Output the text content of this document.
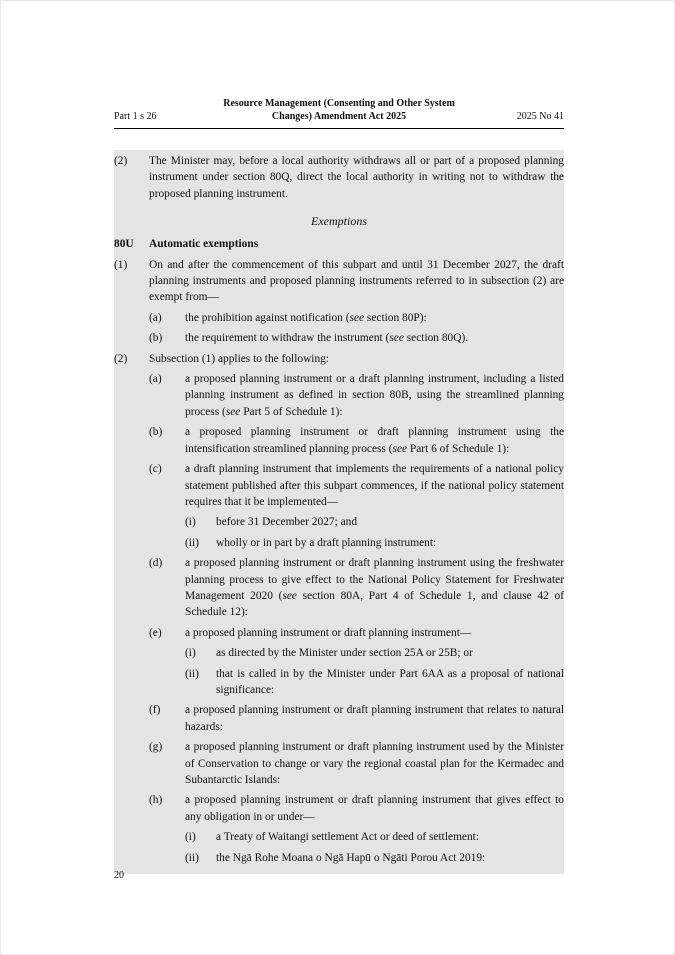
Part 1 s 26
Resource Management (Consenting and Other System
Changes) Amendment Act 2025	2025 No 41
(2)	The Minister may, before a local authority withdraws all or part of a proposed planning instrument under section 80Q, direct the local authority in writing not to withdraw the proposed planning instrument.
Exemptions
80U	Automatic exemptions
(1)	On and after the commencement of this subpart and until 31 December 2027, the draft planning instruments and proposed planning instruments referred to in subsection (2) are exempt from—
(a)	the prohibition against notification (see section 80P):
(b)	the requirement to withdraw the instrument (see section 80Q).
(2)	Subsection (1) applies to the following:
(a)	a proposed planning instrument or a draft planning instrument, including a listed planning instrument as defined in section 80B, using the streamlined planning process (see Part 5 of Schedule 1):
(b)	a proposed planning instrument or draft planning instrument using the intensification streamlined planning process (see Part 6 of Schedule 1):
(c)	a draft planning instrument that implements the requirements of a national policy statement published after this subpart commences, if the national policy statement requires that it be implemented—
(i)	before 31 December 2027; and
(ii)	wholly or in part by a draft planning instrument:
(d)	a proposed planning instrument or draft planning instrument using the freshwater planning process to give effect to the National Policy Statement for Freshwater Management 2020 (see section 80A, Part 4 of Schedule 1, and clause 42 of Schedule 12):
(e)	a proposed planning instrument or draft planning instrument—
(i)	as directed by the Minister under section 25A or 25B; or
(ii)	that is called in by the Minister under Part 6AA as a proposal of national significance:
(f)	a proposed planning instrument or draft planning instrument that relates to natural hazards:
(g)	a proposed planning instrument or draft planning instrument used by the Minister of Conservation to change or vary the regional coastal plan for the Kermadec and Subantarctic Islands:
(h)	a proposed planning instrument or draft planning instrument that gives effect to any obligation in or under—
(i)	a Treaty of Waitangi settlement Act or deed of settlement:
(ii)	the Ngā Rohe Moana o Ngā Hapū o Ngāti Porou Act 2019:
20
